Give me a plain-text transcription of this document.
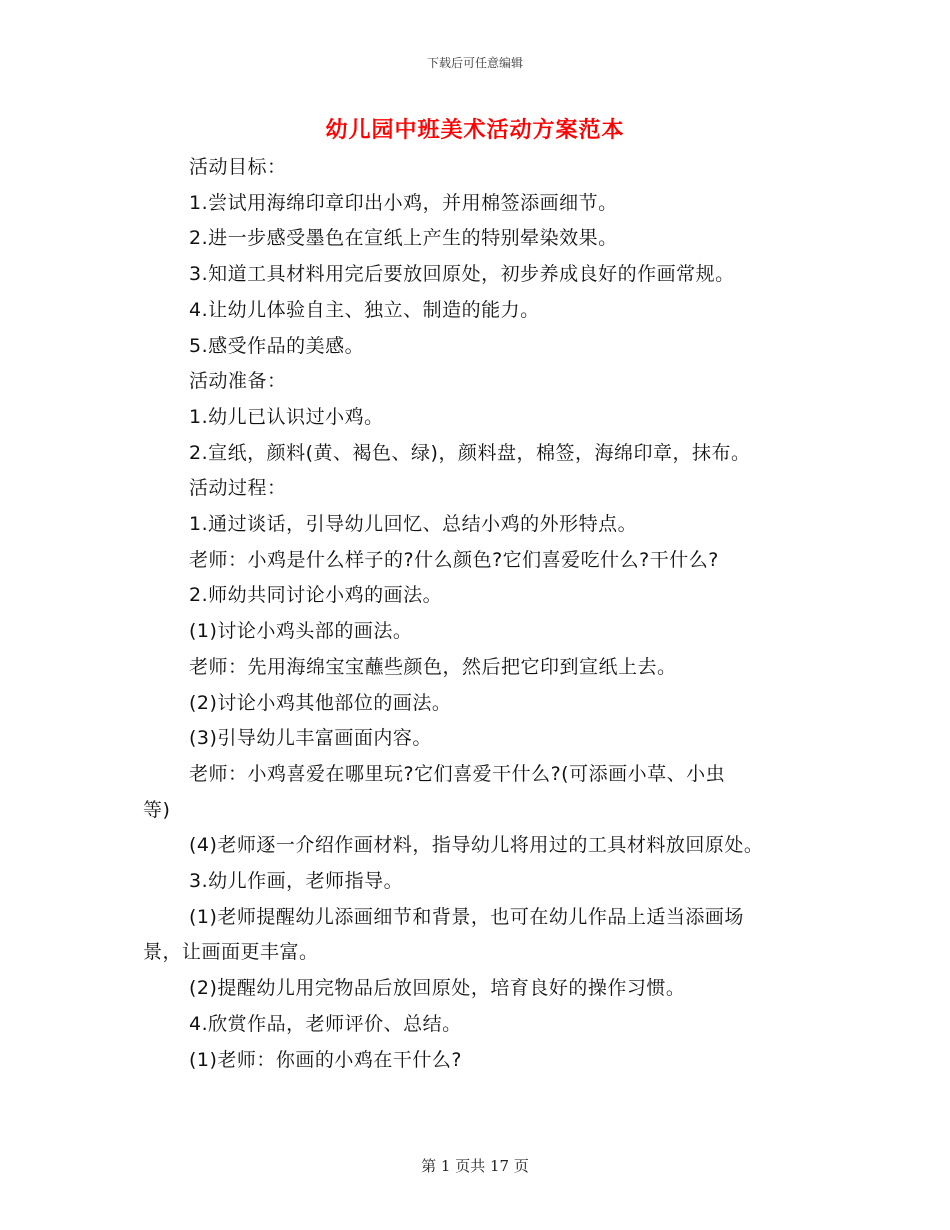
下载后可任意编辑
幼儿园中班美术活动方案范本

活动目标：

1.尝试用海绵印章印出小鸡，并用棉签添画细节。

2.进一步感受墨色在宣纸上产生的特别晕染效果。

3.知道工具材料用完后要放回原处，初步养成良好的作画常规。

4.让幼儿体验自主、独立、制造的能力。

5.感受作品的美感。

活动准备：

1.幼儿已认识过小鸡。

2.宣纸，颜料(黄、褐色、绿)，颜料盘，棉签，海绵印章，抹布。

活动过程：

1.通过谈话，引导幼儿回忆、总结小鸡的外形特点。

老师：小鸡是什么样子的?什么颜色?它们喜爱吃什么?干什么?

2.师幼共同讨论小鸡的画法。

(1)讨论小鸡头部的画法。

老师：先用海绵宝宝蘸些颜色，然后把它印到宣纸上去。

(2)讨论小鸡其他部位的画法。

(3)引导幼儿丰富画面内容。

老师：小鸡喜爱在哪里玩?它们喜爱干什么?(可添画小草、小虫

等)

(4)老师逐一介绍作画材料，指导幼儿将用过的工具材料放回原处。

3.幼儿作画，老师指导。

(1)老师提醒幼儿添画细节和背景，也可在幼儿作品上适当添画场

景，让画面更丰富。

(2)提醒幼儿用完物品后放回原处，培育良好的操作习惯。

4.欣赏作品，老师评价、总结。

(1)老师：你画的小鸡在干什么?

第 1 页共 17 页
